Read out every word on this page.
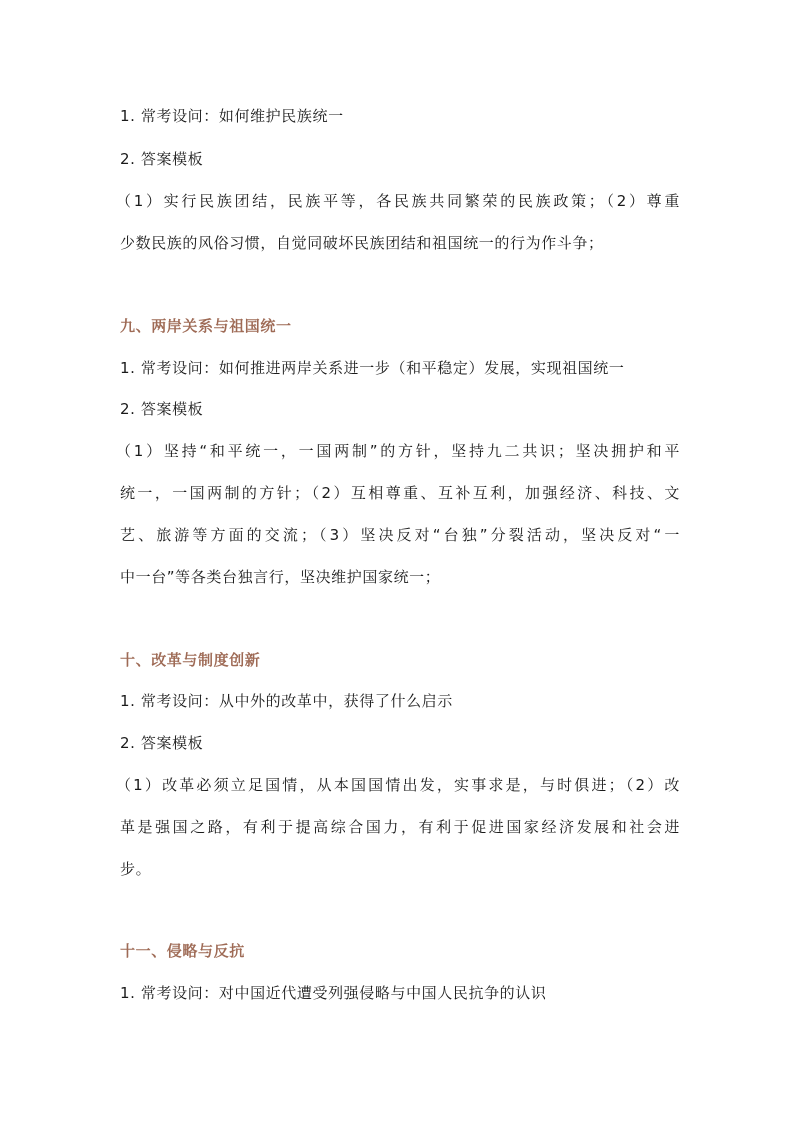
1. 常考设问：如何维护民族统一
2. 答案模板
（1）实行民族团结，民族平等，各民族共同繁荣的民族政策；（2）尊重
少数民族的风俗习惯，自觉同破坏民族团结和祖国统一的行为作斗争；
九、两岸关系与祖国统一
1. 常考设问：如何推进两岸关系进一步（和平稳定）发展，实现祖国统一
2. 答案模板
（1）坚持“和平统一，一国两制”的方针，坚持九二共识；坚决拥护和平
统一，一国两制的方针；（2）互相尊重、互补互利，加强经济、科技、文
艺、旅游等方面的交流；（3）坚决反对“台独”分裂活动，坚决反对“一
中一台”等各类台独言行，坚决维护国家统一；
十、改革与制度创新
1. 常考设问：从中外的改革中，获得了什么启示
2. 答案模板
（1）改革必须立足国情，从本国国情出发，实事求是，与时俱进；（2）改
革是强国之路，有利于提高综合国力，有利于促进国家经济发展和社会进
步。
十一、侵略与反抗
1. 常考设问：对中国近代遭受列强侵略与中国人民抗争的认识
